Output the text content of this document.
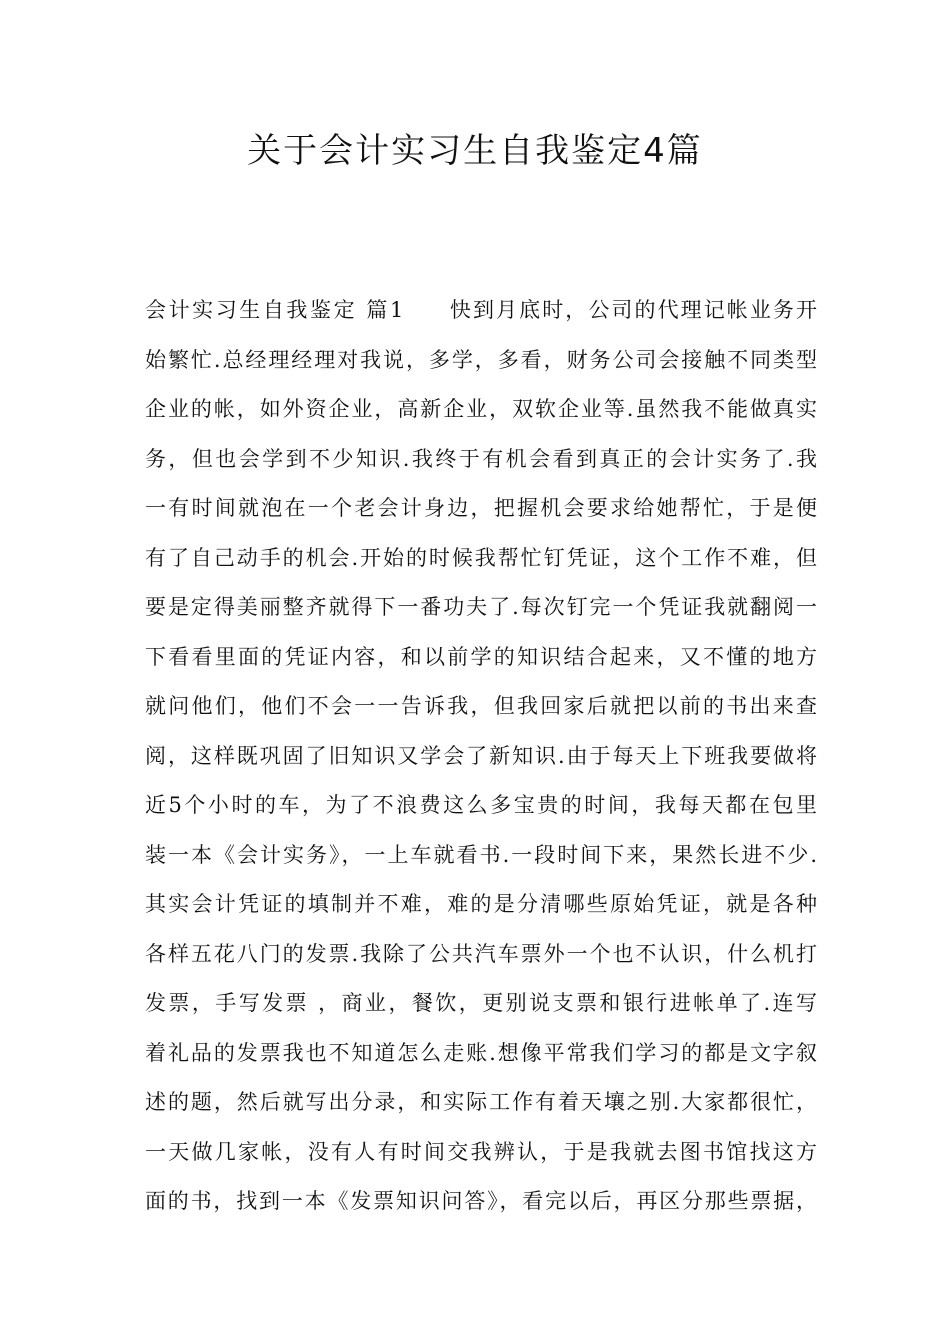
关于会计实习生自我鉴定4篇
会计实习生自我鉴定 篇1 快到月底时，公司的代理记帐业务开
始繁忙.总经理经理对我说，多学，多看，财务公司会接触不同类型
企业的帐，如外资企业，高新企业，双软企业等.虽然我不能做真实
务，但也会学到不少知识.我终于有机会看到真正的会计实务了.我
一有时间就泡在一个老会计身边，把握机会要求给她帮忙，于是便
有了自己动手的机会.开始的时候我帮忙钉凭证，这个工作不难，但
要是定得美丽整齐就得下一番功夫了.每次钉完一个凭证我就翻阅一
下看看里面的凭证内容，和以前学的知识结合起来，又不懂的地方
就问他们，他们不会一一告诉我，但我回家后就把以前的书出来查
阅，这样既巩固了旧知识又学会了新知识.由于每天上下班我要做将
近5个小时的车，为了不浪费这么多宝贵的时间，我每天都在包里
装一本《会计实务》，一上车就看书.一段时间下来，果然长进不少.
其实会计凭证的填制并不难，难的是分清哪些原始凭证，就是各种
各样五花八门的发票.我除了公共汽车票外一个也不认识，什么机打
发票，手写发票 ，商业，餐饮，更别说支票和银行进帐单了.连写
着礼品的发票我也不知道怎么走账.想像平常我们学习的都是文字叙
述的题，然后就写出分录，和实际工作有着天壤之别.大家都很忙，
一天做几家帐，没有人有时间交我辨认，于是我就去图书馆找这方
面的书，找到一本《发票知识问答》，看完以后，再区分那些票据，
